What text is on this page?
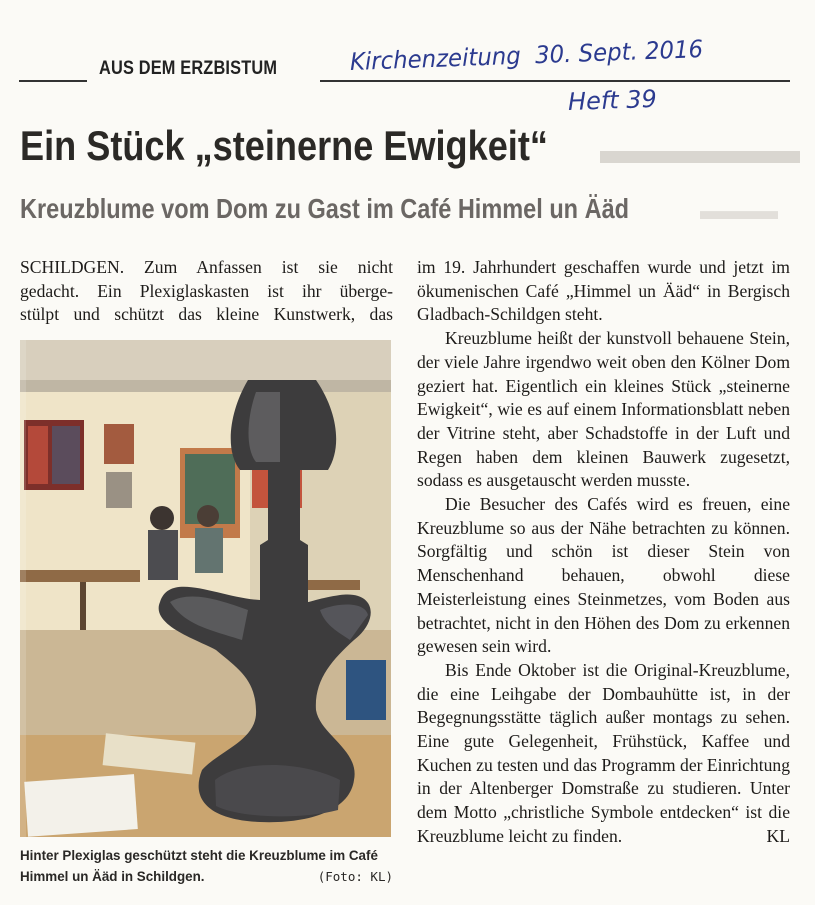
AUS DEM ERZBISTUM	Kirchenzeitung 30. Sept. 2016
Heft 39
▬▬▬▬▬
▬▬▬
Ein Stück „steinerne Ewigkeit“
Kreuzblume vom Dom zu Gast im Café Himmel un Ääd
SCHILDGEN. Zum Anfassen ist sie nicht
gedacht. Ein Plexiglaskasten ist ihr überge-
stülpt und schützt das kleine Kunstwerk, das
Hinter Plexiglas geschützt steht die Kreuzblume im Café
Himmel un Ääd in Schildgen.	(Foto: KL)

im 19. Jahrhundert geschaffen wurde und jetzt im ökumenischen Café „Himmel un Ääd“ in Bergisch Gladbach-Schildgen steht.

Kreuzblume heißt der kunstvoll behauene Stein, der viele Jahre irgendwo weit oben den Kölner Dom geziert hat. Eigentlich ein kleines Stück „steinerne Ewigkeit“, wie es auf einem Informationsblatt neben der Vitrine steht, aber Schadstoffe in der Luft und Regen haben dem kleinen Bauwerk zugesetzt, sodass es ausgetauscht werden musste.

Die Besucher des Cafés wird es freuen, eine Kreuzblume so aus der Nähe betrachten zu können. Sorgfältig und schön ist dieser Stein von Menschenhand behauen, obwohl diese Meisterleistung eines Steinmetzes, vom Boden aus betrachtet, nicht in den Höhen des Dom zu erkennen gewesen sein wird.

Bis Ende Oktober ist die Original-Kreuzblume, die eine Leihgabe der Dombauhütte ist, in der Begegnungsstätte täglich außer montags zu sehen. Eine gute Gelegenheit, Frühstück, Kaffee und Kuchen zu testen und das Programm der Einrichtung in der Altenberger Domstraße zu studieren. Unter dem Motto „christliche Symbole entdecken“ ist die Kreuzblume leicht zu finden.	KL
